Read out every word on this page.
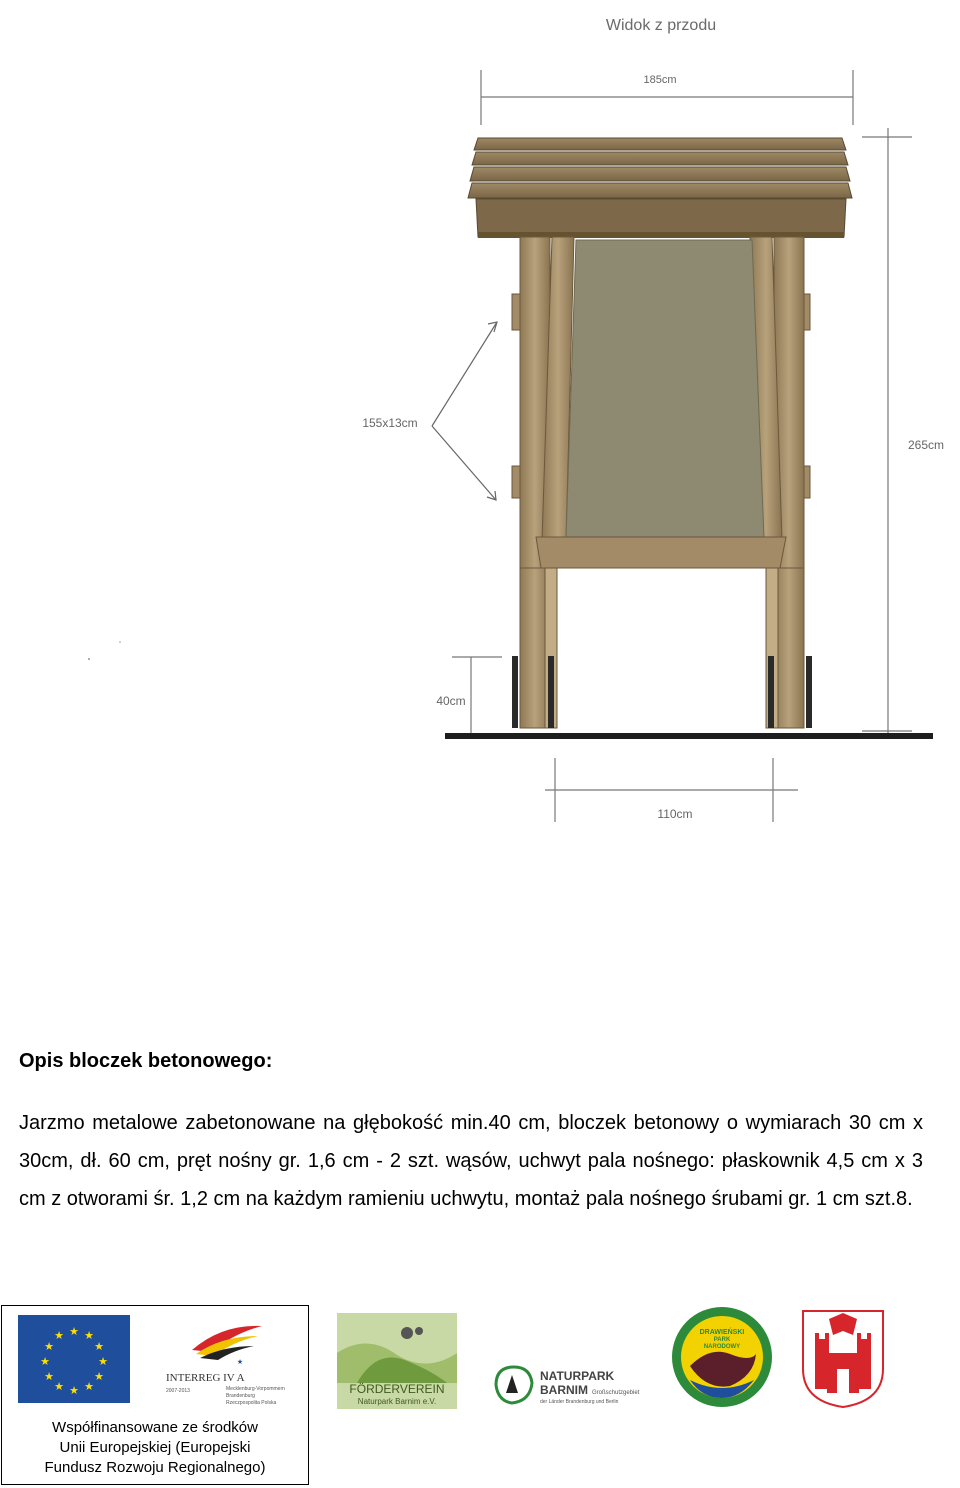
Widok z przodu
185cm
265cm
40cm
110cm
155x13cm
Opis bloczek betonowego:

Jarzmo metalowe zabetonowane na głębokość min.40 cm, bloczek betonowy o wymiarach 30 cm x 30cm, dł. 60 cm, pręt nośny gr. 1,6 cm - 2 szt. wąsów, uchwyt pala nośnego: płaskownik 4,5 cm x 3 cm z otworami śr. 1,2 cm na każdym ramieniu uchwytu, montaż pala nośnego śrubami gr. 1 cm szt.8.

★ ★
★
★
★
★
★
★
★
★
★
★
★
INTERREG IV A
2007-2013	Mecklenburg-Vorpommern
Brandenburg
Rzeczpospolita Polska
Współfinansowane ze środków
Unii Europejskiej (Europejski
Fundusz Rozwoju Regionalnego)
FÖRDERVEREIN
Naturpark Barnim e.V.
NATURPARK
BARNIM Großschutzgebiet
der Länder Brandenburg und Berlin
DRAWIEŃSKI
PARK
NARODOWY
